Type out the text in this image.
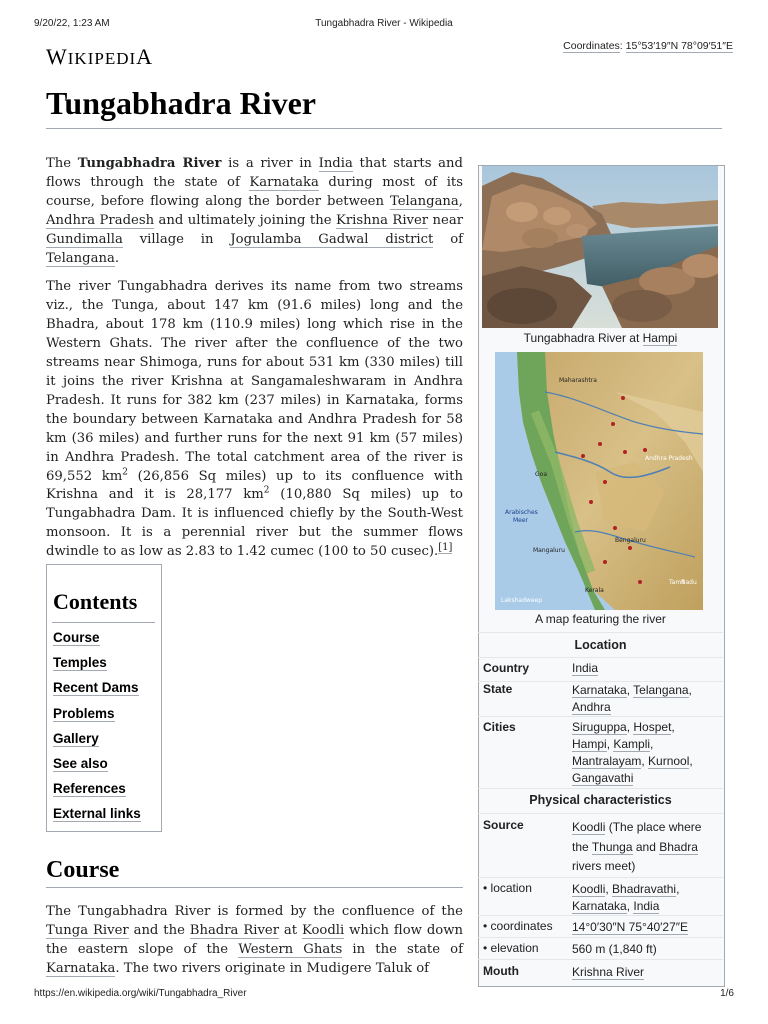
9/20/22, 1:23 AM	Tungabhadra River - Wikipedia
WIKIPEDIA	Coordinates: 15°53′19″N 78°09′51″E
Tungabhadra River

The Tungabhadra River is a river in India that starts and flows through the state of Karnataka during most of its course, before flowing along the border between Telangana, Andhra Pradesh and ultimately joining the Krishna River near Gundimalla village in Jogulamba Gadwal district of Telangana.

The river Tungabhadra derives its name from two streams viz., the Tunga, about 147 km (91.6 miles) long and the Bhadra, about 178 km (110.9 miles) long which rise in the Western Ghats. The river after the confluence of the two streams near Shimoga, runs for about 531 km (330 miles) till it joins the river Krishna at Sangamaleshwaram in Andhra Pradesh. It runs for 382 km (237 miles) in Karnataka, forms the boundary between Karnataka and Andhra Pradesh for 58 km (36 miles) and further runs for the next 91 km (57 miles) in Andhra Pradesh. The total catchment area of the river is 69,552 $km^2$ (26,856 Sq miles) up to its confluence with Krishna and it is 28,177 $km^2$ (10,880 Sq miles) up to Tungabhadra Dam. It is influenced chiefly by the South-West monsoon. It is a perennial river but the summer flows dwindle to as low as 2.83 to 1.42 cumec (100 to 50 cusec).[1]

Contents
Course
Temples
Recent Dams
Problems
Gallery
See also
References
External links
Course

The Tungabhadra River is formed by the confluence of the Tunga River and the Bhadra River at Koodli which flow down the eastern slope of the Western Ghats in the state of Karnataka. The two rivers originate in Mudigere Taluk of

Tungabhadra River at Hampi
Maharashtra
Andhra Pradesh
Arabisches
Meer
Goa
Bengaluru
Mangaluru
Kerala
Tamil
Nadu
Lakshadweep
A map featuring the river
Location
Country	India
State	Karnataka, Telangana,
Andhra
Cities	Siruguppa, Hospet,
Hampi, Kampli,
Mantralayam, Kurnool,
Gangavathi
Physical characteristics
Source	Koodli (The place where the Thunga and Bhadra rivers meet)
• location	Koodli, Bhadravathi,
Karnataka, India
• coordinates 14°0′30″N 75°40′27″E
• elevation	560 m (1,840 ft)
Mouth	Krishna River
https://en.wikipedia.org/wiki/Tungabhadra_River	1/6
